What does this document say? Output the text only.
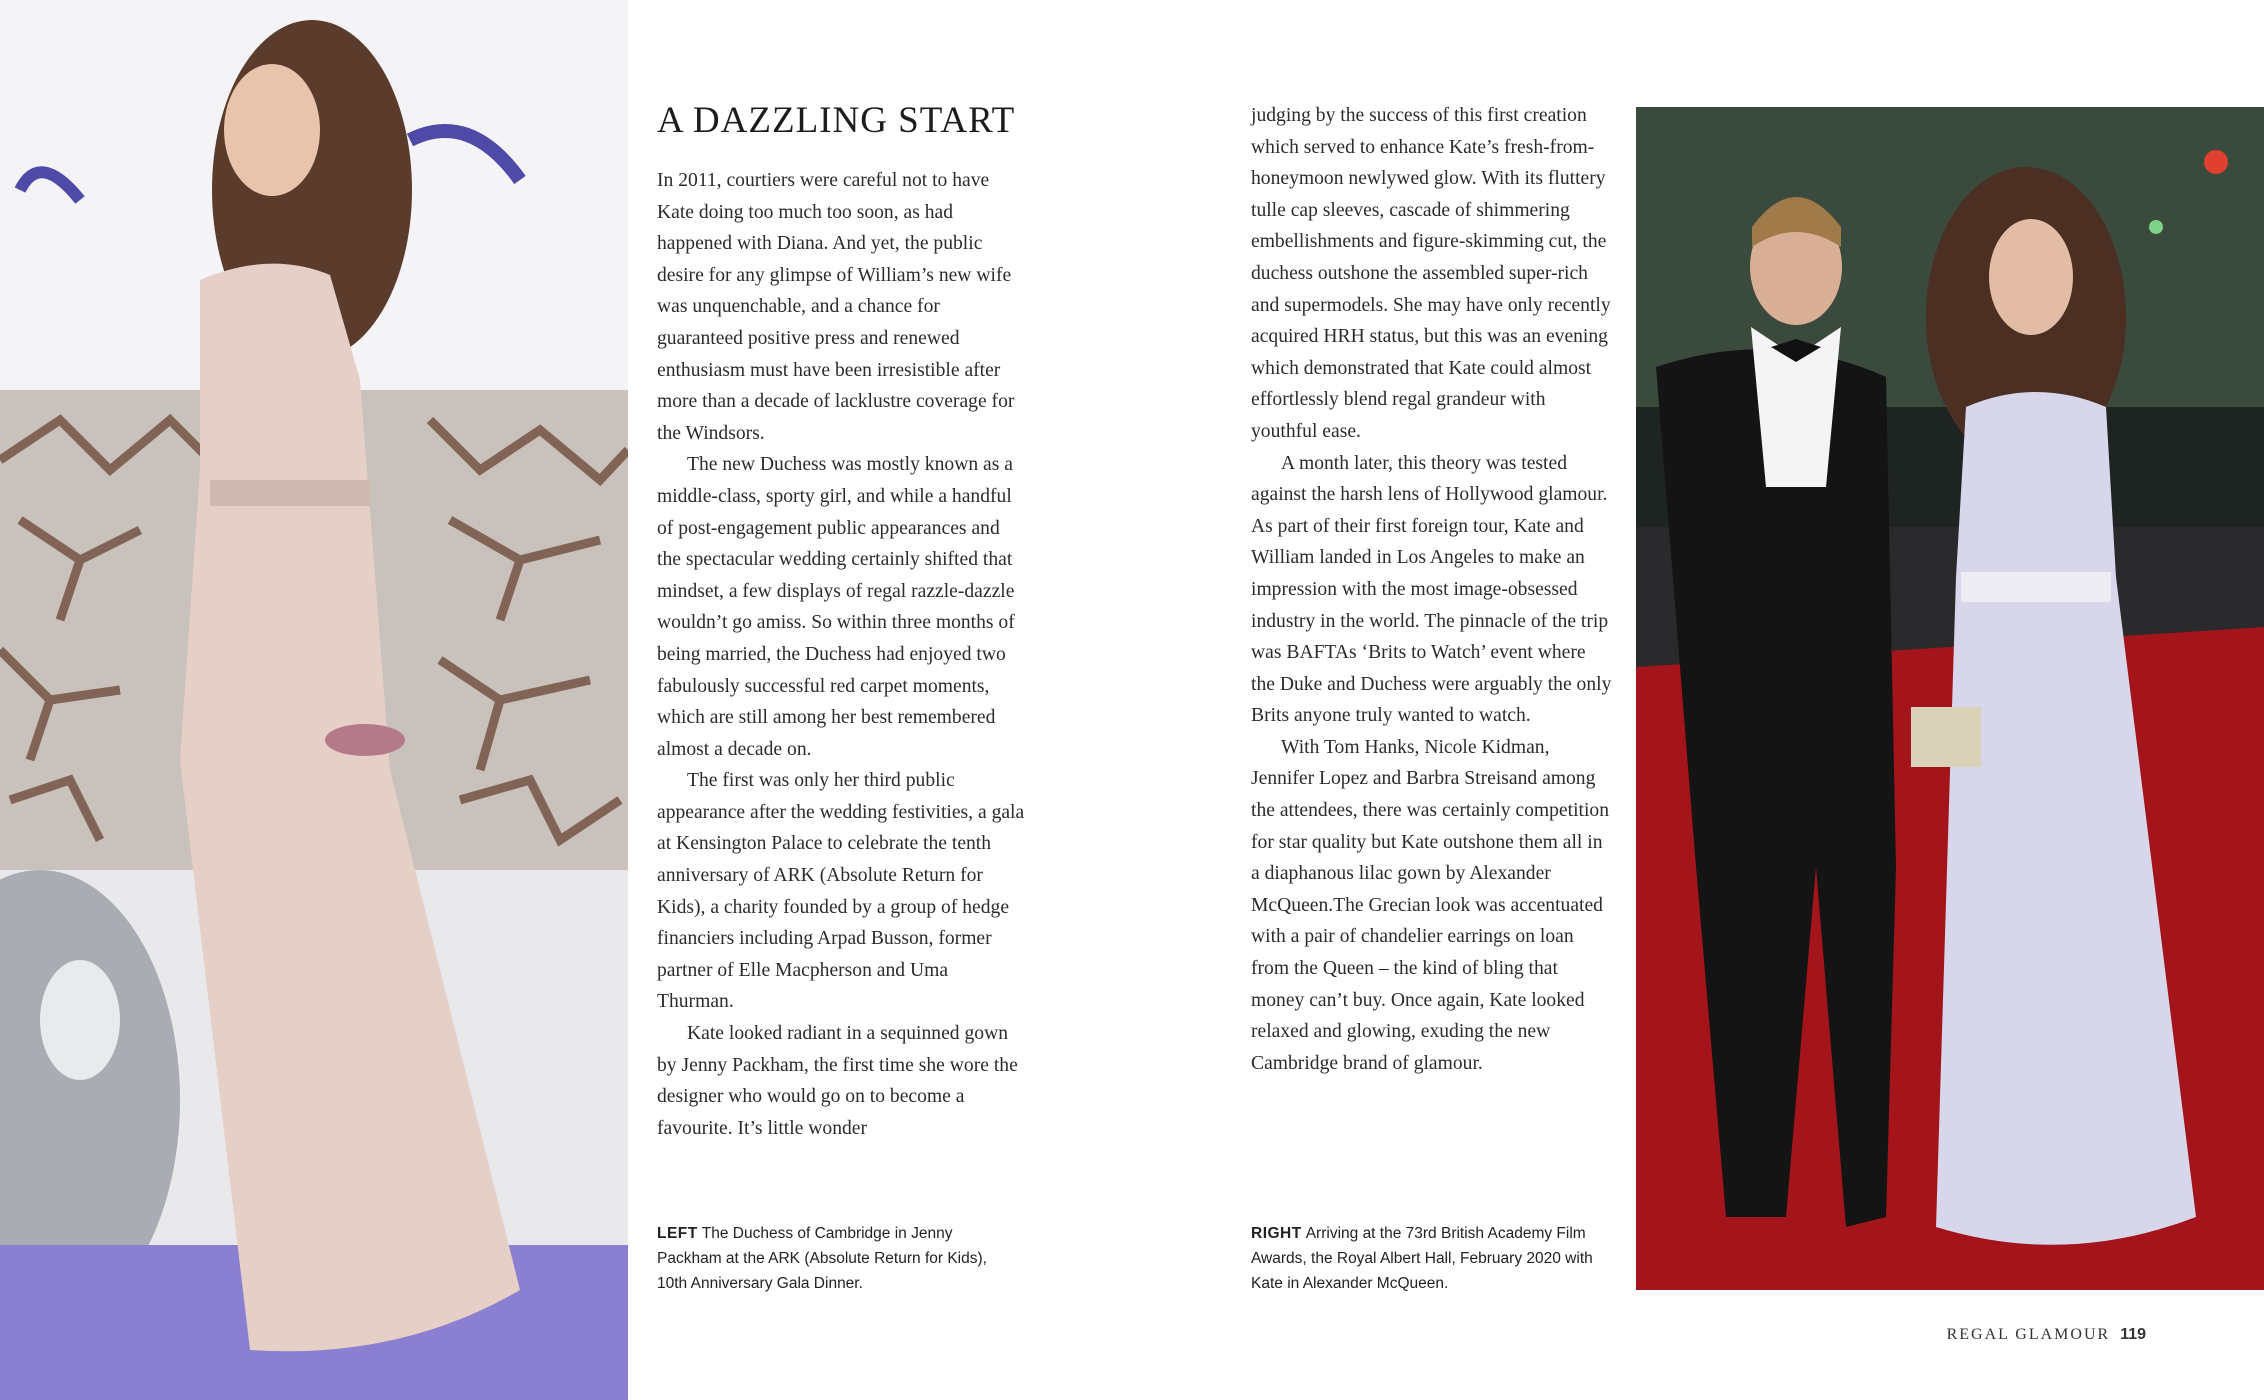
A DAZZLING START

In 2011, courtiers were careful not to have Kate doing too much too soon, as had happened with Diana. And yet, the public desire for any glimpse of William’s new wife was unquenchable, and a chance for guaranteed positive press and renewed enthusiasm must have been irresistible after more than a decade of lacklustre coverage for the Windsors.

The new Duchess was mostly known as a middle-class, sporty girl, and while a handful of post-engagement public appearances and the spectacular wedding certainly shifted that mindset, a few displays of regal razzle-dazzle wouldn’t go amiss. So within three months of being married, the Duchess had enjoyed two fabulously successful red carpet moments, which are still among her best remembered almost a decade on.

The first was only her third public appearance after the wedding festivities, a gala at Kensington Palace to celebrate the tenth anniversary of ARK (Absolute Return for Kids), a charity founded by a group of hedge financiers including Arpad Busson, former partner of Elle Macpherson and Uma Thurman.

Kate looked radiant in a sequinned gown by Jenny Packham, the first time she wore the designer who would go on to become a favourite. It’s little wonder

LEFT The Duchess of Cambridge in Jenny Packham at the ARK (Absolute Return for Kids), 10th Anniversary Gala Dinner.

judging by the success of this first creation which served to enhance Kate’s fresh-from-honeymoon newlywed glow. With its fluttery tulle cap sleeves, cascade of shimmering embellishments and figure-skimming cut, the duchess outshone the assembled super-rich and supermodels. She may have only recently acquired HRH status, but this was an evening which demonstrated that Kate could almost effortlessly blend regal grandeur with youthful ease.

A month later, this theory was tested against the harsh lens of Hollywood glamour. As part of their first foreign tour, Kate and William landed in Los Angeles to make an impression with the most image-obsessed industry in the world. The pinnacle of the trip was BAFTAs ‘Brits to Watch’ event where the Duke and Duchess were arguably the only Brits anyone truly wanted to watch.

With Tom Hanks, Nicole Kidman, Jennifer Lopez and Barbra Streisand among the attendees, there was certainly competition for star quality but Kate outshone them all in a diaphanous lilac gown by Alexander McQueen.The Grecian look was accentuated with a pair of chandelier earrings on loan from the Queen – the kind of bling that money can’t buy. Once again, Kate looked relaxed and glowing, exuding the new Cambridge brand of glamour.

RIGHT Arriving at the 73rd British Academy Film Awards, the Royal Albert Hall, February 2020 with Kate in Alexander McQueen.
REGAL GLAMOUR 119
